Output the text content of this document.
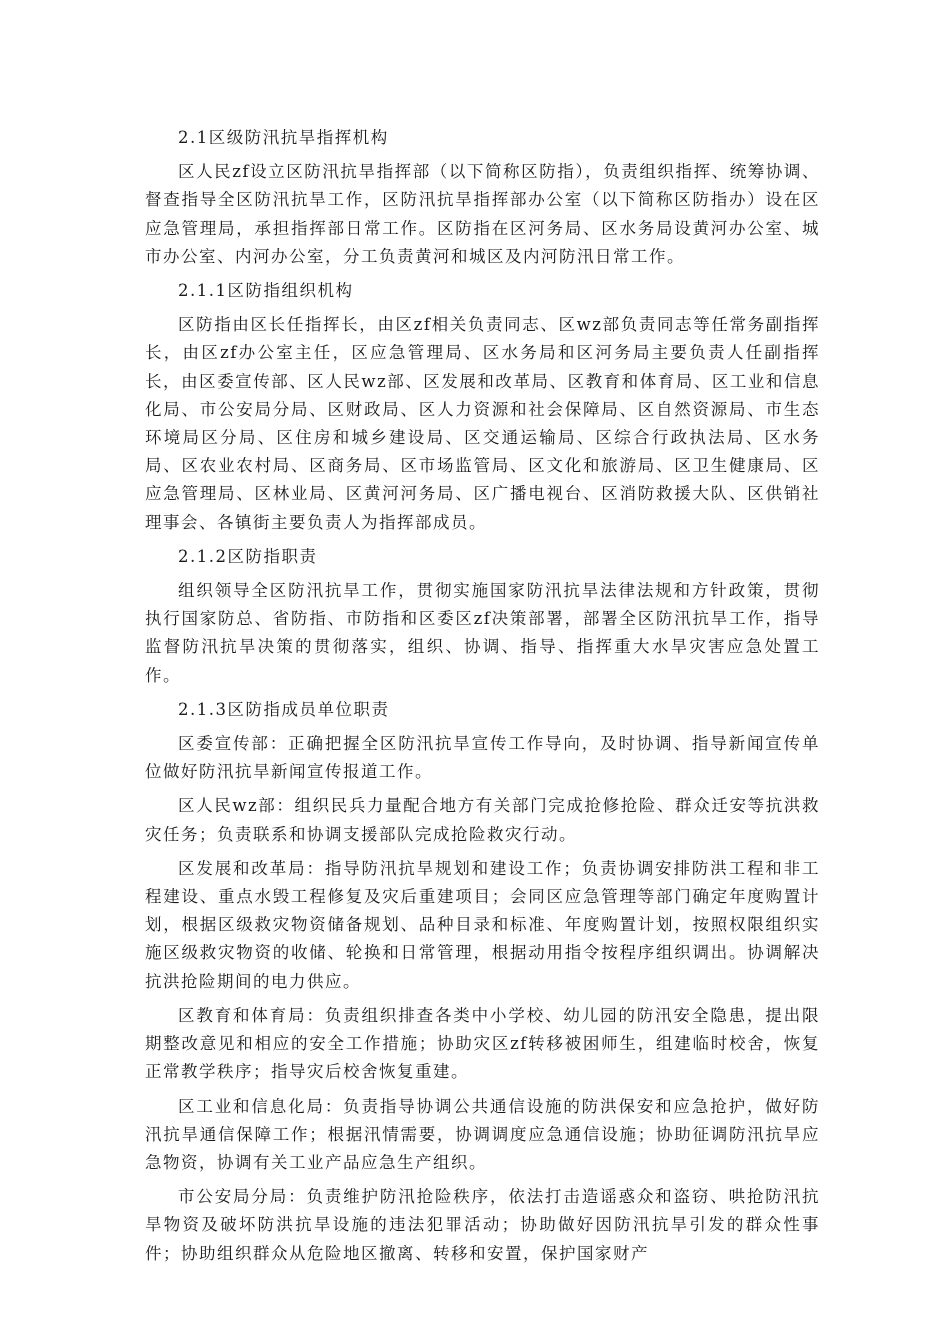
2.1区级防汛抗旱指挥机构

区人民zf设立区防汛抗旱指挥部（以下简称区防指），负责组织指挥、统筹协调、督查指导全区防汛抗旱工作，区防汛抗旱指挥部办公室（以下简称区防指办）设在区应急管理局，承担指挥部日常工作。区防指在区河务局、区水务局设黄河办公室、城市办公室、内河办公室，分工负责黄河和城区及内河防汛日常工作。

2.1.1区防指组织机构

区防指由区长任指挥长，由区zf相关负责同志、区wz部负责同志等任常务副指挥长，由区zf办公室主任，区应急管理局、区水务局和区河务局主要负责人任副指挥长，由区委宣传部、区人民wz部、区发展和改革局、区教育和体育局、区工业和信息化局、市公安局分局、区财政局、区人力资源和社会保障局、区自然资源局、市生态环境局区分局、区住房和城乡建设局、区交通运输局、区综合行政执法局、区水务局、区农业农村局、区商务局、区市场监管局、区文化和旅游局、区卫生健康局、区应急管理局、区林业局、区黄河河务局、区广播电视台、区消防救援大队、区供销社理事会、各镇街主要负责人为指挥部成员。

2.1.2区防指职责

组织领导全区防汛抗旱工作，贯彻实施国家防汛抗旱法律法规和方针政策，贯彻执行国家防总、省防指、市防指和区委区zf决策部署，部署全区防汛抗旱工作，指导监督防汛抗旱决策的贯彻落实，组织、协调、指导、指挥重大水旱灾害应急处置工作。

2.1.3区防指成员单位职责

区委宣传部：正确把握全区防汛抗旱宣传工作导向，及时协调、指导新闻宣传单位做好防汛抗旱新闻宣传报道工作。

区人民wz部：组织民兵力量配合地方有关部门完成抢修抢险、群众迁安等抗洪救灾任务；负责联系和协调支援部队完成抢险救灾行动。

区发展和改革局：指导防汛抗旱规划和建设工作；负责协调安排防洪工程和非工程建设、重点水毁工程修复及灾后重建项目；会同区应急管理等部门确定年度购置计划，根据区级救灾物资储备规划、品种目录和标准、年度购置计划，按照权限组织实施区级救灾物资的收储、轮换和日常管理，根据动用指令按程序组织调出。协调解决抗洪抢险期间的电力供应。

区教育和体育局：负责组织排查各类中小学校、幼儿园的防汛安全隐患，提出限期整改意见和相应的安全工作措施；协助灾区zf转移被困师生，组建临时校舍，恢复正常教学秩序；指导灾后校舍恢复重建。

区工业和信息化局：负责指导协调公共通信设施的防洪保安和应急抢护，做好防汛抗旱通信保障工作；根据汛情需要，协调调度应急通信设施；协助征调防汛抗旱应急物资，协调有关工业产品应急生产组织。

市公安局分局：负责维护防汛抢险秩序，依法打击造谣惑众和盗窃、哄抢防汛抗旱物资及破坏防洪抗旱设施的违法犯罪活动；协助做好因防汛抗旱引发的群众性事件；协助组织群众从危险地区撤离、转移和安置，保护国家财产
